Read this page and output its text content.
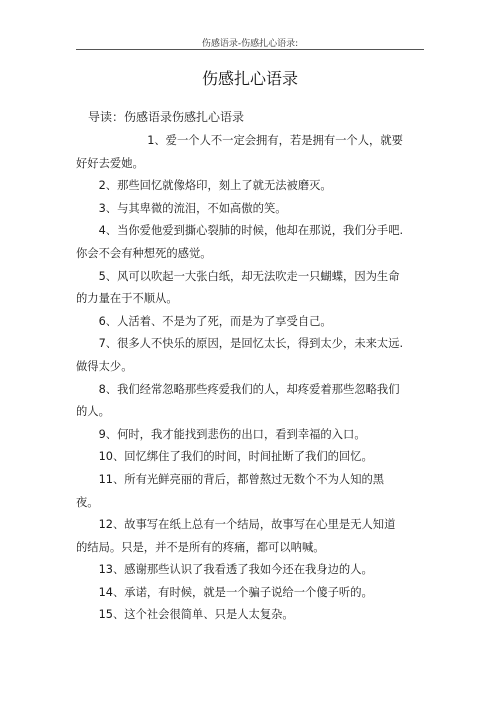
伤感语录-伤感扎心语录:
伤感扎心语录
导读：伤感语录伤感扎心语录

1、爱一个人不一定会拥有，若是拥有一个人，就要好好去爱她。

2、那些回忆就像烙印，刻上了就无法被磨灭。

3、与其卑微的流泪，不如高傲的笑。

4、当你爱他爱到撕心裂肺的时候，他却在那说，我们分手吧.你会不会有种想死的感觉。

5、风可以吹起一大张白纸，却无法吹走一只蝴蝶，因为生命的力量在于不顺从。

6、人活着、不是为了死，而是为了享受自己。

7、很多人不快乐的原因，是回忆太长，得到太少，未来太远.做得太少。

8、我们经常忽略那些疼爱我们的人，却疼爱着那些忽略我们的人。

9、何时，我才能找到悲伤的出口，看到幸福的入口。

10、回忆绑住了我们的时间，时间扯断了我们的回忆。

11、所有光鲜亮丽的背后，都曾熬过无数个不为人知的黑夜。

12、故事写在纸上总有一个结局，故事写在心里是无人知道的结局。只是，并不是所有的疼痛，都可以呐喊。

13、感谢那些认识了我看透了我如今还在我身边的人。

14、承诺，有时候，就是一个骗子说给一个傻子听的。

15、这个社会很简单、只是人太复杂。
